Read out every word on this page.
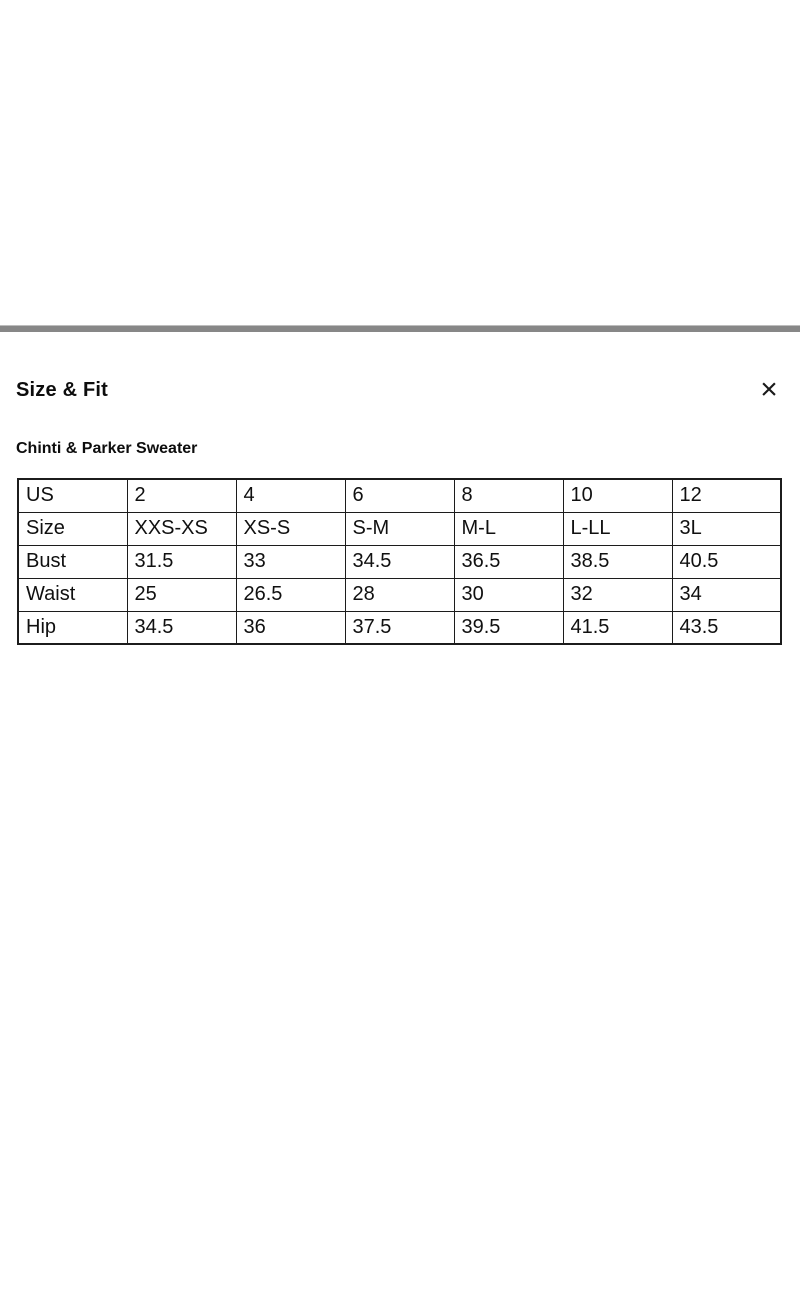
Size & Fit	×
Chinti & Parker Sweater
US	2	4	6	8	10	12
Size	XXS-XS	XS-S	S-M	M-L	L-LL	3L
Bust	31.5	33	34.5	36.5	38.5	40.5
Waist	25	26.5	28	30	32	34
Hip	34.5	36	37.5	39.5	41.5	43.5
